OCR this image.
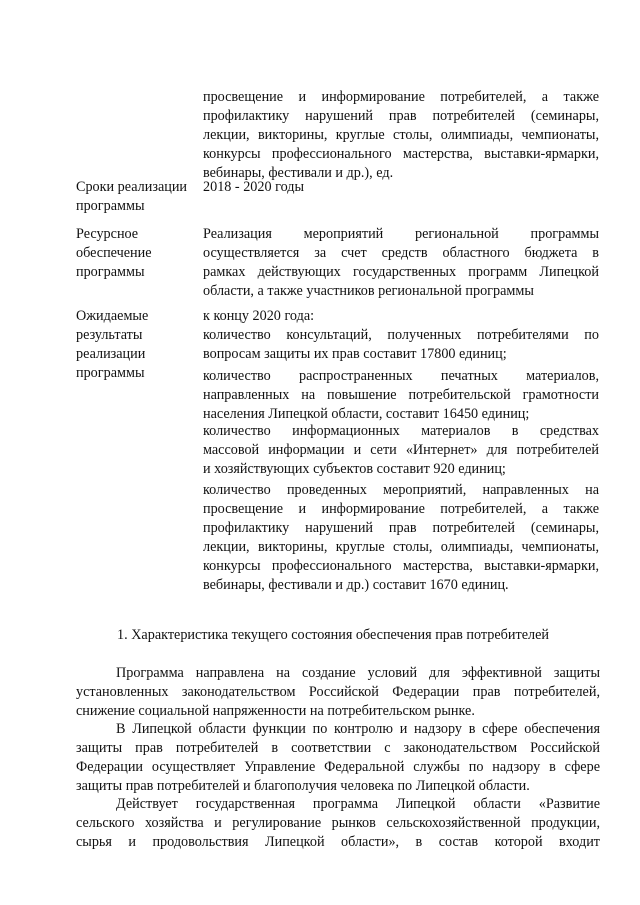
просвещение и информирование потребителей, а также
профилактику нарушений прав потребителей (семинары,
лекции, викторины, круглые столы, олимпиады, чемпионаты,
конкурсы профессионального мастерства, выставки-ярмарки,
вебинары, фестивали и др.), ед.
Сроки реализации
программы
2018 - 2020 годы
Ресурсное
обеспечение
программы
Реализация мероприятий региональной программы
осуществляется за счет средств областного бюджета в
рамках действующих государственных программ Липецкой
области, а также участников региональной программы
Ожидаемые
результаты
реализации
программы
к концу 2020 года:
количество консультаций, полученных потребителями по
вопросам защиты их прав составит 17800 единиц;
количество распространенных печатных материалов,
направленных на повышение потребительской грамотности
населения Липецкой области, составит 16450 единиц;
количество информационных материалов в средствах
массовой информации и сети «Интернет» для потребителей
и хозяйствующих субъектов составит 920 единиц;
количество проведенных мероприятий, направленных на
просвещение и информирование потребителей, а также
профилактику нарушений прав потребителей (семинары,
лекции, викторины, круглые столы, олимпиады, чемпионаты,
конкурсы профессионального мастерства, выставки-ярмарки,
вебинары, фестивали и др.) составит 1670 единиц.
1. Характеристика текущего состояния обеспечения прав потребителей
Программа направлена на создание условий для эффективной защиты
установленных законодательством Российской Федерации прав потребителей,
снижение социальной напряженности на потребительском рынке.
В Липецкой области функции по контролю и надзору в сфере обеспечения
защиты прав потребителей в соответствии с законодательством Российской
Федерации осуществляет Управление Федеральной службы по надзору в сфере
защиты прав потребителей и благополучия человека по Липецкой области.
Действует государственная программа Липецкой области «Развитие
сельского хозяйства и регулирование рынков сельскохозяйственной продукции,
сырья и продовольствия Липецкой области», в состав которой входит
